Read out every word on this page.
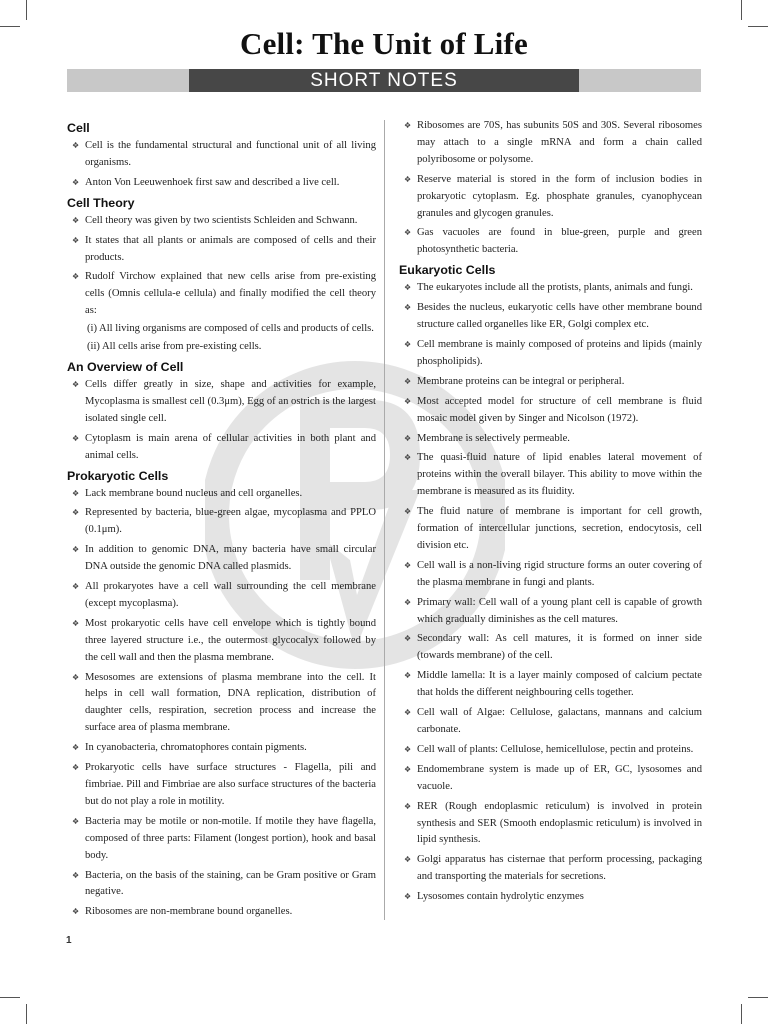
Cell: The Unit of Life
SHORT NOTES
Cell
❖ Cell is the fundamental structural and functional unit of all living organisms.
❖ Anton Von Leeuwenhoek first saw and described a live cell.
Cell Theory
❖ Cell theory was given by two scientists Schleiden and Schwann.
❖ It states that all plants or animals are composed of cells and their products.
❖ Rudolf Virchow explained that new cells arise from pre-existing cells (Omnis cellula-e cellula) and finally modified the cell theory as:
(i) All living organisms are composed of cells and products of cells.
(ii) All cells arise from pre-existing cells.
An Overview of Cell
❖ Cells differ greatly in size, shape and activities for example, Mycoplasma is smallest cell (0.3μm), Egg of an ostrich is the largest isolated single cell.
❖ Cytoplasm is main arena of cellular activities in both plant and animal cells.
Prokaryotic Cells
❖ Lack membrane bound nucleus and cell organelles.
❖ Represented by bacteria, blue-green algae, mycoplasma and PPLO (0.1μm).
❖ In addition to genomic DNA, many bacteria have small circular DNA outside the genomic DNA called plasmids.
❖ All prokaryotes have a cell wall surrounding the cell membrane (except mycoplasma).
❖ Most prokaryotic cells have cell envelope which is tightly bound three layered structure i.e., the outermost glycocalyx followed by the cell wall and then the plasma membrane.
❖ Mesosomes are extensions of plasma membrane into the cell. It helps in cell wall formation, DNA replication, distribution of daughter cells, respiration, secretion process and increase the surface area of plasma membrane.
❖ In cyanobacteria, chromatophores contain pigments.
❖ Prokaryotic cells have surface structures - Flagella, pili and fimbriae. Pill and Fimbriae are also surface structures of the bacteria but do not play a role in motility.
❖ Bacteria may be motile or non-motile. If motile they have flagella, composed of three parts: Filament (longest portion), hook and basal body.
❖ Bacteria, on the basis of the staining, can be Gram positive or Gram negative.
❖ Ribosomes are non-membrane bound organelles.
❖ Ribosomes are 70S, has subunits 50S and 30S. Several ribosomes may attach to a single mRNA and form a chain called polyribosome or polysome.
❖ Reserve material is stored in the form of inclusion bodies in prokaryotic cytoplasm. Eg. phosphate granules, cyanophycean granules and glycogen granules.
❖ Gas vacuoles are found in blue-green, purple and green photosynthetic bacteria.
Eukaryotic Cells
❖ The eukaryotes include all the protists, plants, animals and fungi.
❖ Besides the nucleus, eukaryotic cells have other membrane bound structure called organelles like ER, Golgi complex etc.
❖ Cell membrane is mainly composed of proteins and lipids (mainly phospholipids).
❖ Membrane proteins can be integral or peripheral.
❖ Most accepted model for structure of cell membrane is fluid mosaic model given by Singer and Nicolson (1972).
❖ Membrane is selectively permeable.
❖ The quasi-fluid nature of lipid enables lateral movement of proteins within the overall bilayer. This ability to move within the membrane is measured as its fluidity.
❖ The fluid nature of membrane is important for cell growth, formation of intercellular junctions, secretion, endocytosis, cell division etc.
❖ Cell wall is a non-living rigid structure forms an outer covering of the plasma membrane in fungi and plants.
❖ Primary wall: Cell wall of a young plant cell is capable of growth which gradually diminishes as the cell matures.
❖ Secondary wall: As cell matures, it is formed on inner side (towards membrane) of the cell.
❖ Middle lamella: It is a layer mainly composed of calcium pectate that holds the different neighbouring cells together.
❖ Cell wall of Algae: Cellulose, galactans, mannans and calcium carbonate.
❖ Cell wall of plants: Cellulose, hemicellulose, pectin and proteins.
❖ Endomembrane system is made up of ER, GC, lysosomes and vacuole.
❖ RER (Rough endoplasmic reticulum) is involved in protein synthesis and SER (Smooth endoplasmic reticulum) is involved in lipid synthesis.
❖ Golgi apparatus has cisternae that perform processing, packaging and transporting the materials for secretions.
❖ Lysosomes contain hydrolytic enzymes
1
